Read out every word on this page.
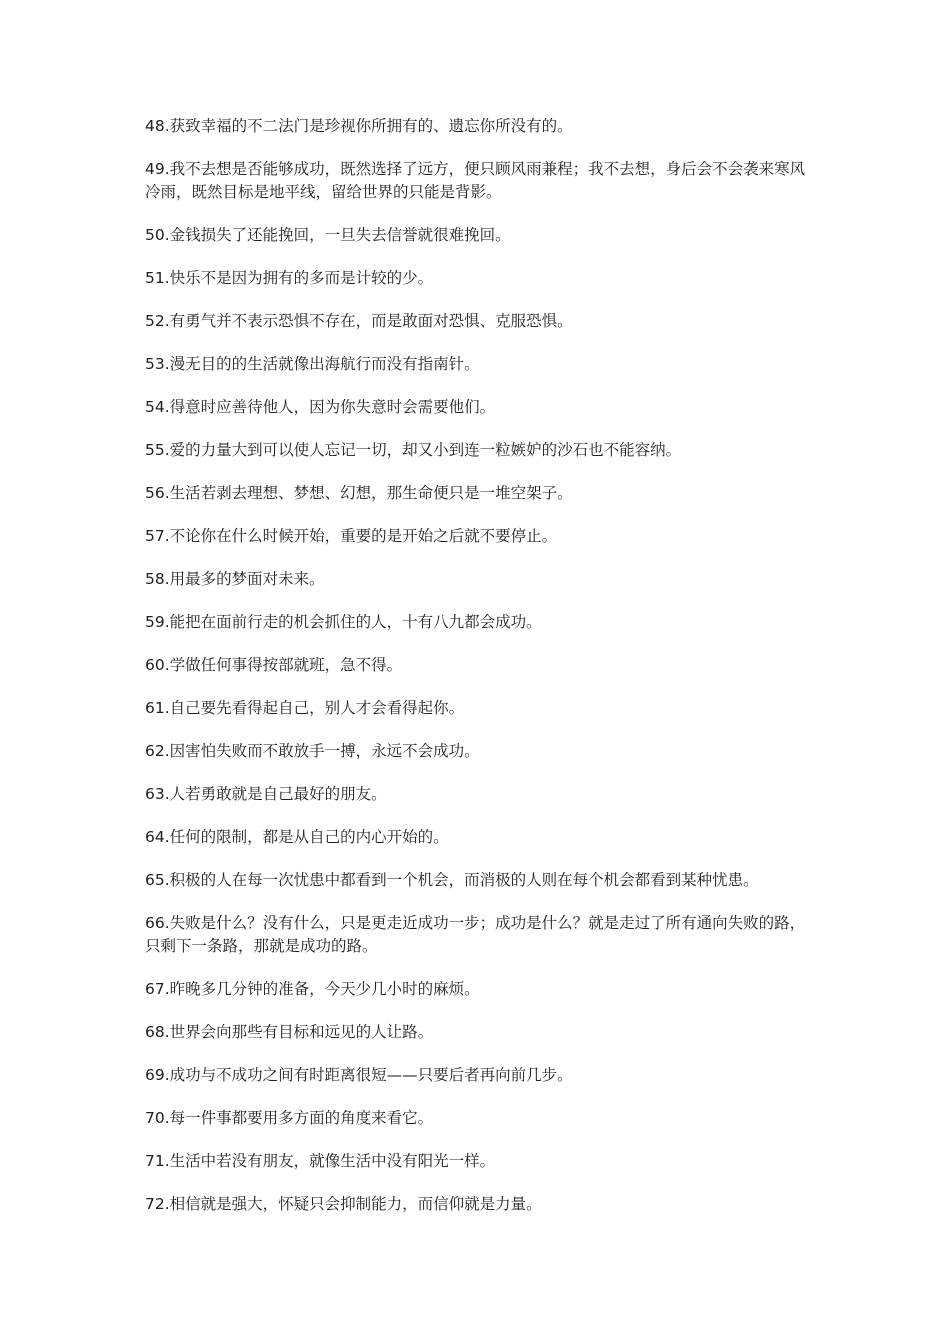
48.获致幸福的不二法门是珍视你所拥有的、遗忘你所没有的。

49.我不去想是否能够成功，既然选择了远方，便只顾风雨兼程；我不去想，身后会不会袭来寒风冷雨，既然目标是地平线，留给世界的只能是背影。

50.金钱损失了还能挽回，一旦失去信誉就很难挽回。

51.快乐不是因为拥有的多而是计较的少。

52.有勇气并不表示恐惧不存在，而是敢面对恐惧、克服恐惧。

53.漫无目的的生活就像出海航行而没有指南针。

54.得意时应善待他人，因为你失意时会需要他们。

55.爱的力量大到可以使人忘记一切，却又小到连一粒嫉妒的沙石也不能容纳。

56.生活若剥去理想、梦想、幻想，那生命便只是一堆空架子。

57.不论你在什么时候开始，重要的是开始之后就不要停止。

58.用最多的梦面对未来。

59.能把在面前行走的机会抓住的人，十有八九都会成功。

60.学做任何事得按部就班，急不得。

61.自己要先看得起自己，别人才会看得起你。

62.因害怕失败而不敢放手一搏，永远不会成功。

63.人若勇敢就是自己最好的朋友。

64.任何的限制，都是从自己的内心开始的。

65.积极的人在每一次忧患中都看到一个机会，而消极的人则在每个机会都看到某种忧患。

66.失败是什么？没有什么，只是更走近成功一步；成功是什么？就是走过了所有通向失败的路，只剩下一条路，那就是成功的路。

67.昨晚多几分钟的准备，今天少几小时的麻烦。

68.世界会向那些有目标和远见的人让路。

69.成功与不成功之间有时距离很短——只要后者再向前几步。

70.每一件事都要用多方面的角度来看它。

71.生活中若没有朋友，就像生活中没有阳光一样。

72.相信就是强大，怀疑只会抑制能力，而信仰就是力量。
